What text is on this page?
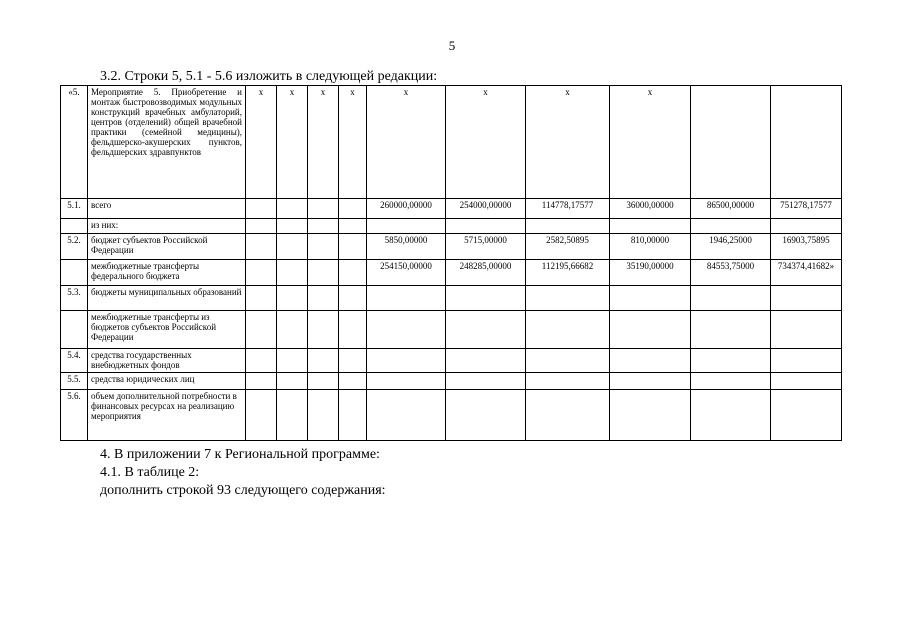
5
3.2. Строки 5, 5.1 - 5.6 изложить в следующей редакции:
«5.	Мероприятие 5. Приобретение и монтаж быстровозводимых модульных конструкций врачебных амбулаторий, центров (отделений) общей врачебной практики (семейной медицины), фельдшерско-акушерских пунктов, фельдшерских здравпунктов	х	х	х	х	х	х	х	х		
5.1.	всего					260000,00000	254000,00000	114778,17577	36000,00000	86500,00000	751278,17577
	из них:										
5.2.	бюджет субъектов Российской Федерации					5850,00000	5715,00000	2582,50895	810,00000	1946,25000	16903,75895
	межбюджетные трансферты федерального бюджета					254150,00000	248285,00000	112195,66682	35190,00000	84553,75000	734374,41682»
5.3.	бюджеты муниципальных образований										
	межбюджетные трансферты из бюджетов субъектов Российской Федерации										
5.4.	средства государственных внебюджетных фондов										
5.5.	средства юридических лиц										
5.6.	объем дополнительной потребности в финансовых ресурсах на реализацию мероприятия										
4. В приложении 7 к Региональной программе:
4.1. В таблице 2:
дополнить строкой 93 следующего содержания:
